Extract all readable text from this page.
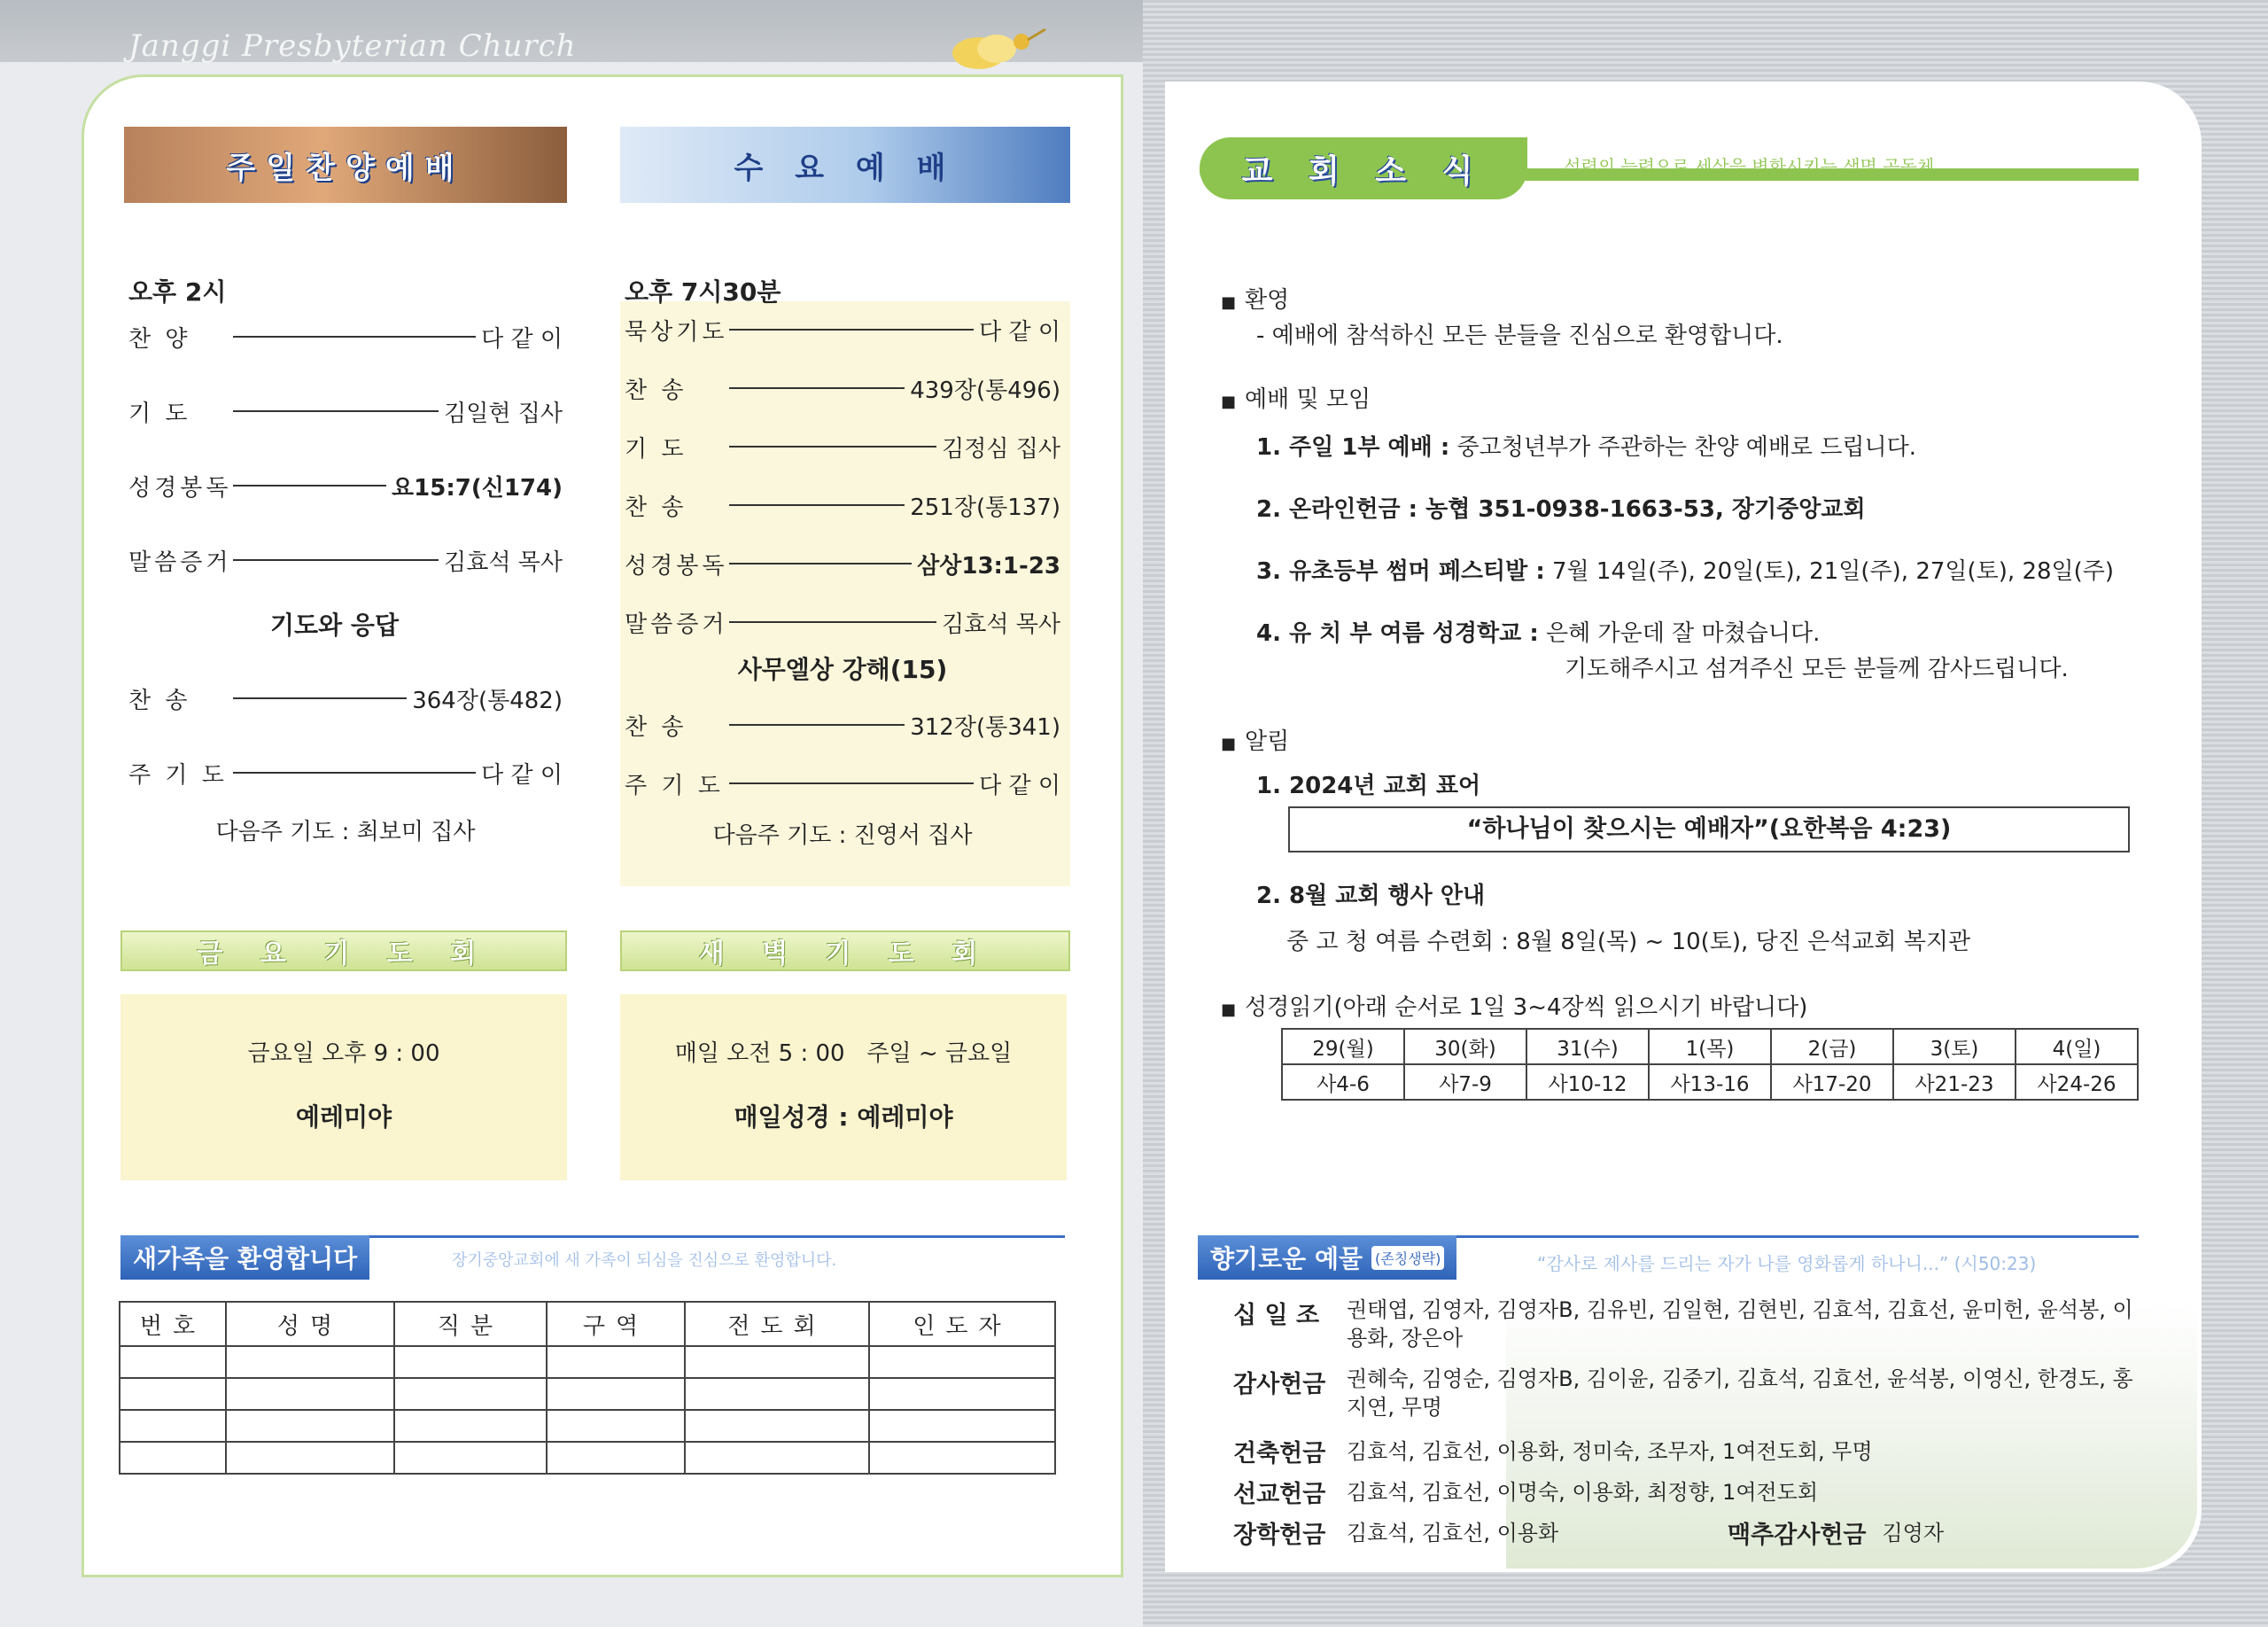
Janggi Presbyterian Church
주일찬양예배	수 요 예 배
오후 2시
찬 양	다 같 이
기 도	김일현 집사
성경봉독	요15:7(신174)
말씀증거	김효석 목사
기도와 응답
찬 송	364장(통482)
주 기 도	다 같 이
다음주 기도 : 최보미 집사
오후 7시30분
묵상기도	다 같 이
찬 송	439장(통496)
기 도	김정심 집사
찬 송	251장(통137)
성경봉독	삼상13:1-23
말씀증거	김효석 목사
사무엘상 강해(15)
찬 송	312장(통341)
주 기 도	다 같 이
다음주 기도 : 진영서 집사
금 요 기 도 회	새 벽 기 도 회
금요일 오후 9 : 00
예레미야
매일 오전 5 : 00   주일 ~ 금요일
매일성경 : 예레미야
새가족을 환영합니다	장기중앙교회에 새 가족이 되심을 진심으로 환영합니다.
번호	성명	직분	구역	전도회	인도자

교 회 소 식	성령의 능력으로 세상을 변화시키는 생명 공동체
■ 환영
- 예배에 참석하신 모든 분들을 진심으로 환영합니다.
■ 예배 및 모임
1. 주일 1부 예배 : 중고청년부가 주관하는 찬양 예배로 드립니다.
2. 온라인헌금 : 농협 351-0938-1663-53, 장기중앙교회
3. 유초등부 썸머 페스티발 : 7월 14일(주), 20일(토), 21일(주), 27일(토), 28일(주)
4. 유 치 부 여름 성경학교 : 은혜 가운데 잘 마쳤습니다.
기도해주시고 섬겨주신 모든 분들께 감사드립니다.
■ 알림
1. 2024년 교회 표어
“하나님이 찾으시는 예배자”(요한복음 4:23)
2. 8월 교회 행사 안내
중 고 청 여름 수련회 : 8월 8일(목) ~ 10(토), 당진 은석교회 복지관
■ 성경읽기(아래 순서로 1일 3~4장씩 읽으시기 바랍니다)
29(월)	30(화)	31(수)	1(목)	2(금)	3(토)	4(일)
사4-6	사7-9	사10-12	사13-16	사17-20	사21-23	사24-26
향기로운 예물 (존칭생략)	“감사로 제사를 드리는 자가 나를 영화롭게 하나니...” (시50:23)
십 일 조	권태엽, 김영자, 김영자B, 김유빈, 김일현, 김현빈, 김효석, 김효선, 윤미헌, 윤석봉, 이용화, 장은아
감사헌금 권혜숙, 김영순, 김영자B, 김이윤, 김중기, 김효석, 김효선, 윤석봉, 이영신, 한경도, 홍지연, 무명
건축헌금 김효석, 김효선, 이용화, 정미숙, 조무자, 1여전도회, 무명
선교헌금 김효석, 김효선, 이명숙, 이용화, 최정향, 1여전도회
장학헌금 김효석, 김효선, 이용화	맥추감사헌금 김영자
